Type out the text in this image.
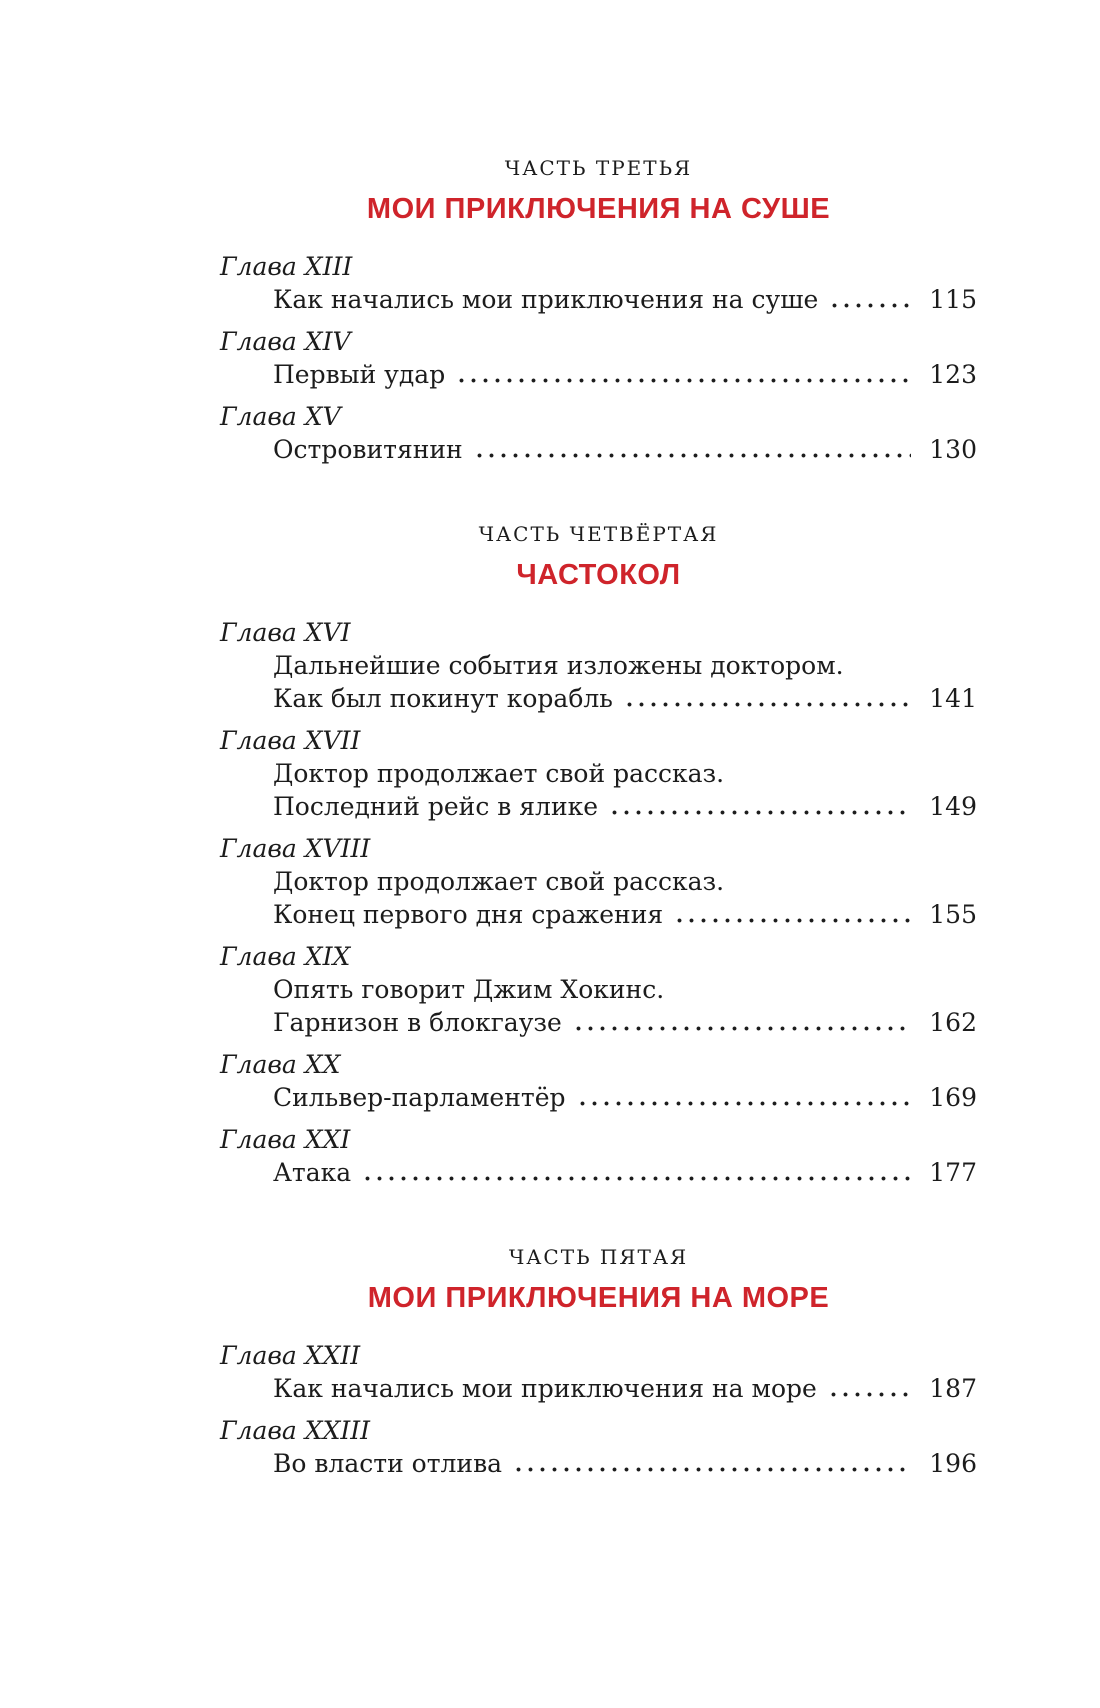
ЧАСТЬ ТРЕТЬЯ
МОИ ПРИКЛЮЧЕНИЯ НА СУШЕ
Глава XIII
Как начались мои приключения на суше	115
Глава XIV
Первый удар	123
Глава XV
Островитянин	130
ЧАСТЬ ЧЕТВЁРТАЯ
ЧАСТОКОЛ
Глава XVI
Дальнейшие события изложены доктором.
Как был покинут корабль	141
Глава XVII
Доктор продолжает свой рассказ.
Последний рейс в ялике	149
Глава XVIII
Доктор продолжает свой рассказ.
Конец первого дня сражения	155
Глава XIX
Опять говорит Джим Хокинс.
Гарнизон в блокгаузе	162
Глава XX
Сильвер-парламентёр	169
Глава XXI
Атака	177
ЧАСТЬ ПЯТАЯ
МОИ ПРИКЛЮЧЕНИЯ НА МОРЕ
Глава XXII
Как начались мои приключения на море	187
Глава XXIII
Во власти отлива	196
